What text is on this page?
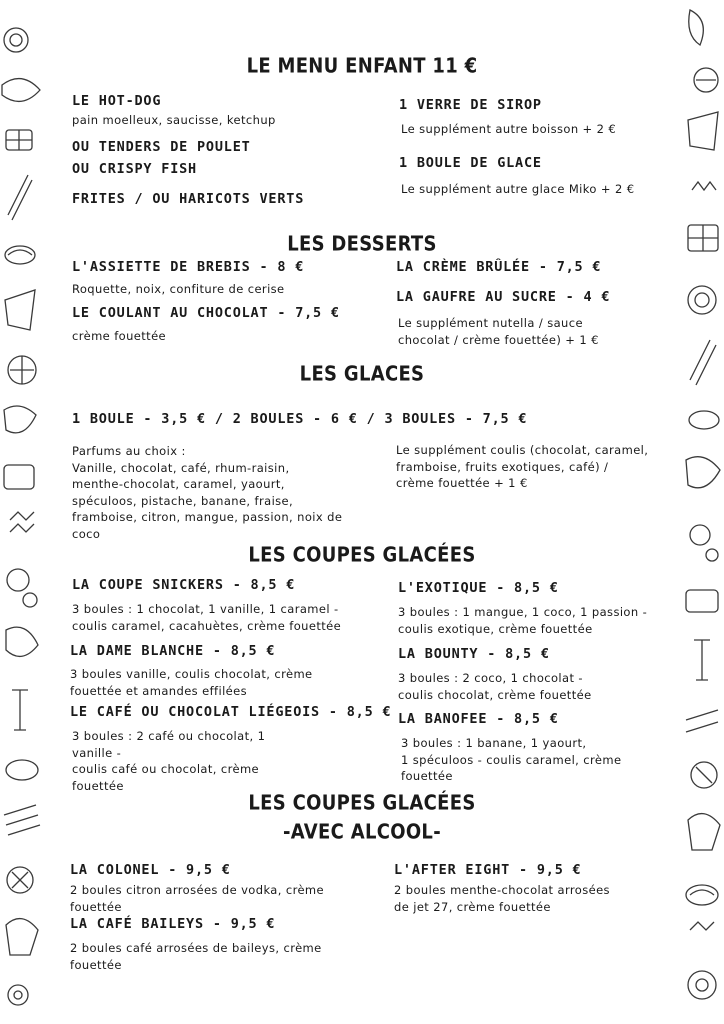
LE MENU ENFANT 11 €
LE HOT-DOG
pain moelleux, saucisse, ketchup
OU TENDERS DE POULET
OU CRISPY FISH
FRITES / OU HARICOTS VERTS
1 VERRE DE SIROP
Le supplément autre boisson + 2 €
1 BOULE DE GLACE
Le supplément autre glace Miko + 2 €
LES DESSERTS
L'ASSIETTE DE BREBIS - 8 €
Roquette, noix, confiture de cerise
LE COULANT AU CHOCOLAT - 7,5 €
crème fouettée
LA CRÈME BRÛLÉE - 7,5 €
LA GAUFRE AU SUCRE - 4 €
Le supplément nutella / sauce
chocolat / crème fouettée) + 1 €
LES GLACES
1 BOULE - 3,5 € / 2 BOULES - 6 € / 3 BOULES - 7,5 €
Parfums au choix :
Vanille, chocolat, café, rhum-raisin,
menthe-chocolat, caramel, yaourt,
spéculoos, pistache, banane, fraise,
framboise, citron, mangue, passion, noix de
coco
Le supplément coulis (chocolat, caramel,
framboise, fruits exotiques, café) /
crème fouettée + 1 €
LES COUPES GLACÉES
LA COUPE SNICKERS - 8,5 €
3 boules : 1 chocolat, 1 vanille, 1 caramel -
coulis caramel, cacahuètes, crème fouettée
LA DAME BLANCHE - 8,5 €
3 boules vanille, coulis chocolat, crème
fouettée et amandes effilées
LE CAFÉ OU CHOCOLAT LIÉGEOIS - 8,5 €
3 boules : 2 café ou chocolat, 1
vanille -
coulis café ou chocolat, crème
fouettée
L'EXOTIQUE - 8,5 €
3 boules : 1 mangue, 1 coco, 1 passion -
coulis exotique, crème fouettée
LA BOUNTY - 8,5 €
3 boules : 2 coco, 1 chocolat -
coulis chocolat, crème fouettée
LA BANOFEE - 8,5 €
3 boules : 1 banane, 1 yaourt,
1 spéculoos - coulis caramel, crème
fouettée
LES COUPES GLACÉES
-AVEC ALCOOL-
LA COLONEL - 9,5 €
2 boules citron arrosées de vodka, crème
fouettée
LA CAFÉ BAILEYS - 9,5 €
2 boules café arrosées de baileys, crème
fouettée
L'AFTER EIGHT - 9,5 €
2 boules menthe-chocolat arrosées
de jet 27, crème fouettée
